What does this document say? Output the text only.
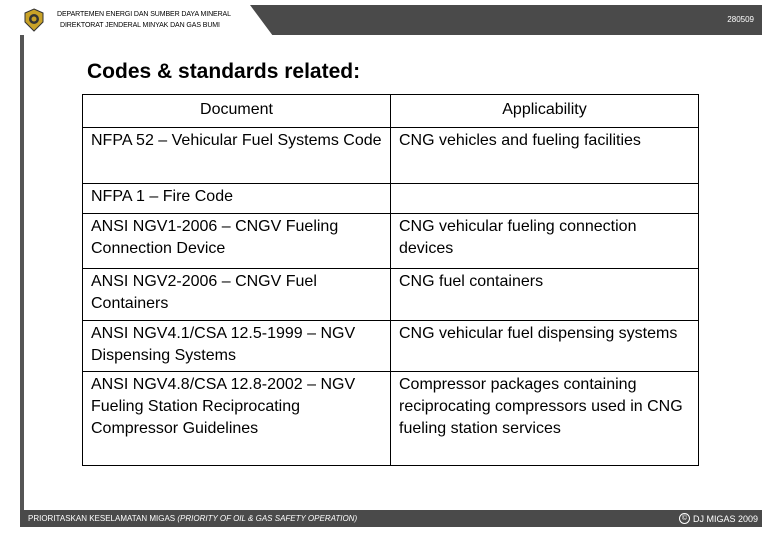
DEPARTEMEN ENERGI DAN SUMBER DAYA MINERAL
DIREKTORAT JENDERAL MINYAK DAN GAS BUMI
280509
Codes & standards related:
Document	Applicability
NFPA 52 – Vehicular Fuel Systems Code	CNG vehicles and fueling facilities
NFPA 1 – Fire Code	
ANSI NGV1-2006 – CNGV Fueling Connection Device	CNG vehicular fueling connection devices
ANSI NGV2-2006 – CNGV Fuel Containers	CNG fuel containers
ANSI NGV4.1/CSA 12.5-1999 – NGV Dispensing Systems	CNG vehicular fuel dispensing systems
ANSI NGV4.8/CSA 12.8-2002 – NGV Fueling Station Reciprocating Compressor Guidelines	Compressor packages containing reciprocating compressors used in CNG fueling station services
PRIORITASKAN KESELAMATAN MIGAS (PRIORITY OF OIL & GAS SAFETY OPERATION)	© DJ MIGAS 2009
